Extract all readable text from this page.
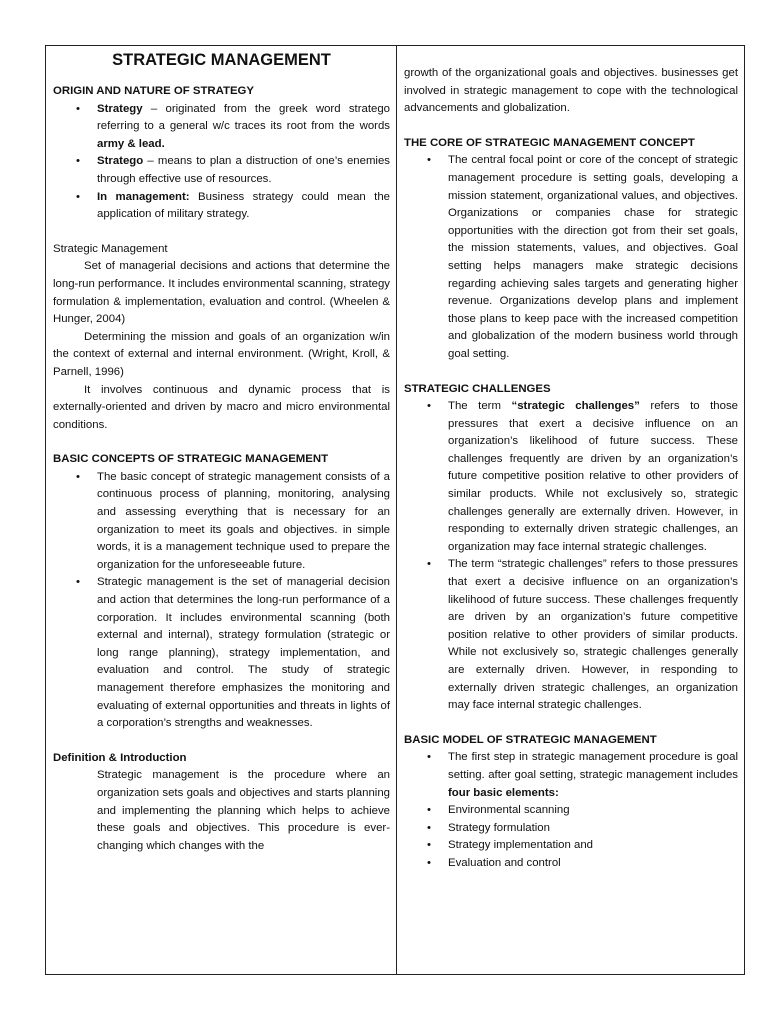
STRATEGIC MANAGEMENT

ORIGIN AND NATURE OF STRATEGY

• Strategy – originated from the greek word stratego referring to a general w/c traces its root from the words army & lead.
• Stratego – means to plan a distruction of one’s enemies through effective use of resources.
• In management: Business strategy could mean the application of military strategy.

Strategic Management

Set of managerial decisions and actions that determine the long-run performance. It includes environmental scanning, strategy formulation & implementation, evaluation and control. (Wheelen & Hunger, 2004)

Determining the mission and goals of an organization w/in the context of external and internal environment. (Wright, Kroll, & Parnell, 1996)

It involves continuous and dynamic process that is externally-oriented and driven by macro and micro environmental conditions.

BASIC CONCEPTS OF STRATEGIC MANAGEMENT

• The basic concept of strategic management consists of a continuous process of planning, monitoring, analysing and assessing everything that is necessary for an organization to meet its goals and objectives. in simple words, it is a management technique used to prepare the organization for the unforeseeable future.
• Strategic management is the set of managerial decision and action that determines the long-run performance of a corporation. It includes environmental scanning (both external and internal), strategy formulation (strategic or long range planning), strategy implementation, and evaluation and control. The study of strategic management therefore emphasizes the monitoring and evaluating of external opportunities and threats in lights of a corporation’s strengths and weaknesses.

Definition & Introduction

Strategic management is the procedure where an organization sets goals and objectives and starts planning and implementing the planning which helps to achieve these goals and objectives. This procedure is ever-changing which changes with the

growth of the organizational goals and objectives. businesses get involved in strategic management to cope with the technological advancements and globalization.

THE CORE OF STRATEGIC MANAGEMENT CONCEPT

• The central focal point or core of the concept of strategic management procedure is setting goals, developing a mission statement, organizational values, and objectives. Organizations or companies chase for strategic opportunities with the direction got from their set goals, the mission statements, values, and objectives. Goal setting helps managers make strategic decisions regarding achieving sales targets and generating higher revenue. Organizations develop plans and implement those plans to keep pace with the increased competition and globalization of the modern business world through goal setting.

STRATEGIC CHALLENGES

• The term “strategic challenges” refers to those pressures that exert a decisive influence on an organization’s likelihood of future success. These challenges frequently are driven by an organization’s future competitive position relative to other providers of similar products. While not exclusively so, strategic challenges generally are externally driven. However, in responding to externally driven strategic challenges, an organization may face internal strategic challenges.
• The term “strategic challenges” refers to those pressures that exert a decisive influence on an organization’s likelihood of future success. These challenges frequently are driven by an organization’s future competitive position relative to other providers of similar products. While not exclusively so, strategic challenges generally are externally driven. However, in responding to externally driven strategic challenges, an organization may face internal strategic challenges.

BASIC MODEL OF STRATEGIC MANAGEMENT

• The first step in strategic management procedure is goal setting. after goal setting, strategic management includes four basic elements:
• Environmental scanning
• Strategy formulation
• Strategy implementation and
• Evaluation and control
